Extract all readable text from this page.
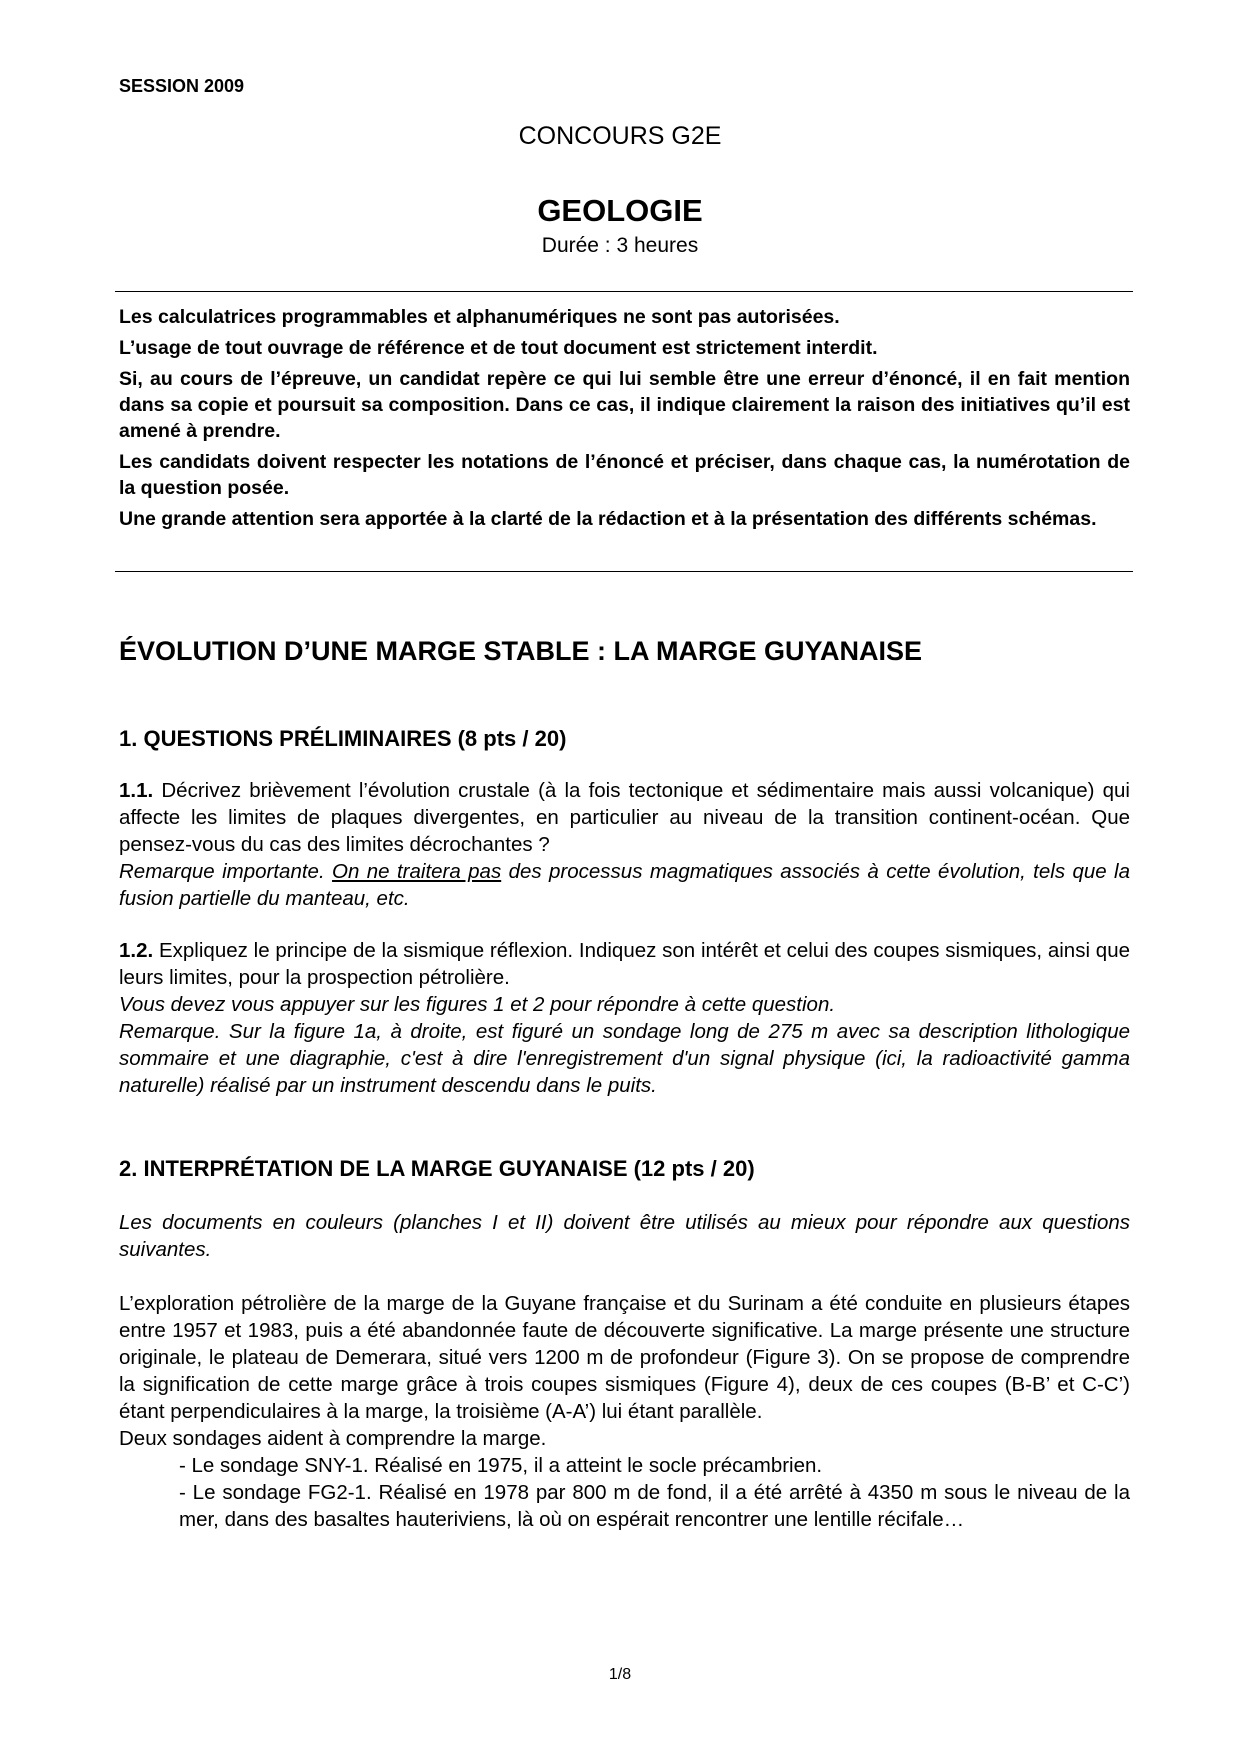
SESSION 2009
CONCOURS G2E
GEOLOGIE
Durée : 3 heures

Les calculatrices programmables et alphanumériques ne sont pas autorisées.

L’usage de tout ouvrage de référence et de tout document est strictement interdit.

Si, au cours de l’épreuve, un candidat repère ce qui lui semble être une erreur d’énoncé, il en fait mention dans sa copie et poursuit sa composition. Dans ce cas, il indique clairement la raison des initiatives qu’il est amené à prendre.

Les candidats doivent respecter les notations de l’énoncé et préciser, dans chaque cas, la numérotation de la question posée.

Une grande attention sera apportée à la clarté de la rédaction et à la présentation des différents schémas.

ÉVOLUTION D’UNE MARGE STABLE : LA MARGE GUYANAISE
1. QUESTIONS PRÉLIMINAIRES (8 pts / 20)

1.1. Décrivez brièvement l’évolution crustale (à la fois tectonique et sédimentaire mais aussi volcanique) qui affecte les limites de plaques divergentes, en particulier au niveau de la transition continent-océan. Que pensez-vous du cas des limites décrochantes ?

Remarque importante. On ne traitera pas des processus magmatiques associés à cette évolution, tels que la fusion partielle du manteau, etc.

1.2. Expliquez le principe de la sismique réflexion. Indiquez son intérêt et celui des coupes sismiques, ainsi que leurs limites, pour la prospection pétrolière.

Vous devez vous appuyer sur les figures 1 et 2 pour répondre à cette question.

Remarque. Sur la figure 1a, à droite, est figuré un sondage long de 275 m avec sa description lithologique sommaire et une diagraphie, c'est à dire l'enregistrement d'un signal physique (ici, la radioactivité gamma naturelle) réalisé par un instrument descendu dans le puits.

2. INTERPRÉTATION DE LA MARGE GUYANAISE (12 pts / 20)

Les documents en couleurs (planches I et II) doivent être utilisés au mieux pour répondre aux questions suivantes.

L’exploration pétrolière de la marge de la Guyane française et du Surinam a été conduite en plusieurs étapes entre 1957 et 1983, puis a été abandonnée faute de découverte significative. La marge présente une structure originale, le plateau de Demerara, situé vers 1200 m de profondeur (Figure 3). On se propose de comprendre la signification de cette marge grâce à trois coupes sismiques (Figure 4), deux de ces coupes (B-B’ et C-C’) étant perpendiculaires à la marge, la troisième (A-A’) lui étant parallèle.

Deux sondages aident à comprendre la marge.

- Le sondage SNY-1. Réalisé en 1975, il a atteint le socle précambrien.

- Le sondage FG2-1. Réalisé en 1978 par 800 m de fond, il a été arrêté à 4350 m sous le niveau de la mer, dans des basaltes hauteriviens, là où on espérait rencontrer une lentille récifale…

1/8
